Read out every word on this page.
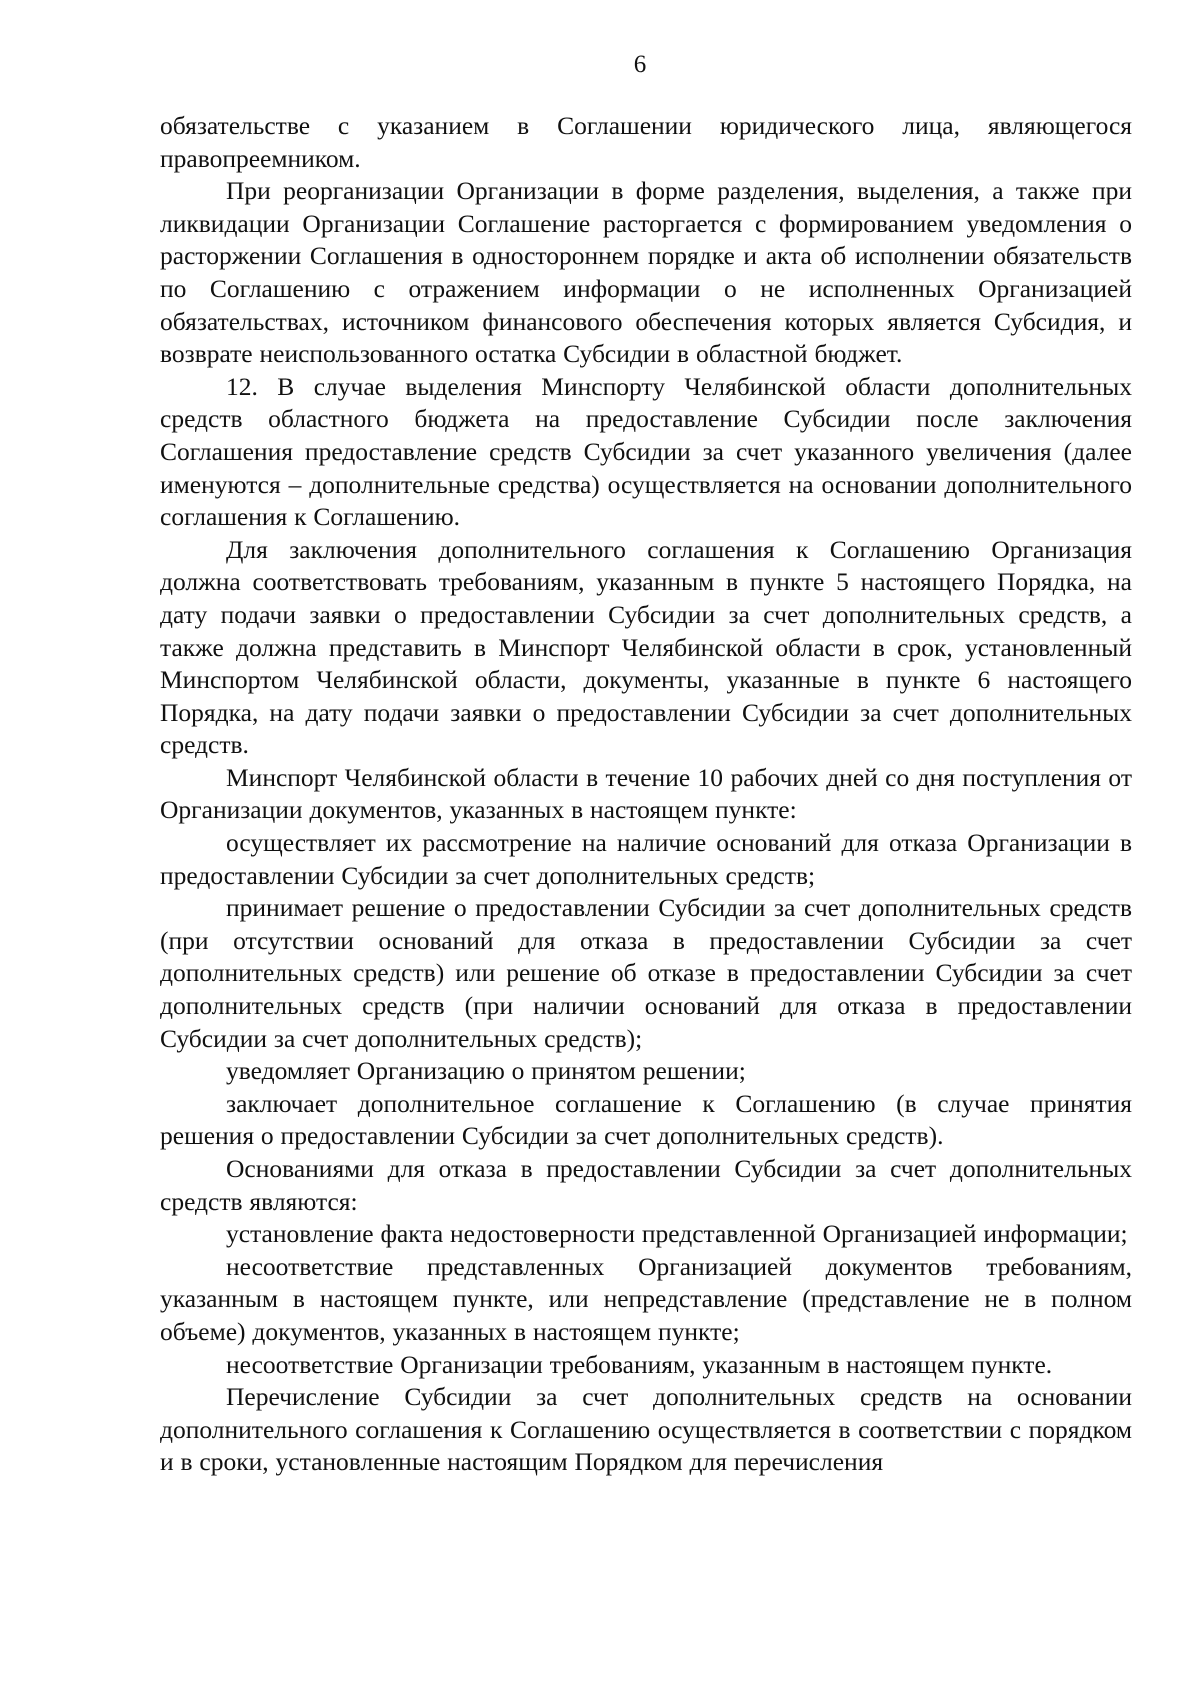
6

обязательстве с указанием в Соглашении юридического лица, являющегося правопреемником.

При реорганизации Организации в форме разделения, выделения, а также при ликвидации Организации Соглашение расторгается с формированием уведомления о расторжении Соглашения в одностороннем порядке и акта об исполнении обязательств по Соглашению с отражением информации о не исполненных Организацией обязательствах, источником финансового обеспечения которых является Субсидия, и возврате неиспользованного остатка Субсидии в областной бюджет.

12. В случае выделения Минспорту Челябинской области дополнительных средств областного бюджета на предоставление Субсидии после заключения Соглашения предоставление средств Субсидии за счет указанного увеличения (далее именуются – дополнительные средства) осуществляется на основании дополнительного соглашения к Соглашению.

Для заключения дополнительного соглашения к Соглашению Организация должна соответствовать требованиям, указанным в пункте 5 настоящего Порядка, на дату подачи заявки о предоставлении Субсидии за счет дополнительных средств, а также должна представить в Минспорт Челябинской области в срок, установленный Минспортом Челябинской области, документы, указанные в пункте 6 настоящего Порядка, на дату подачи заявки о предоставлении Субсидии за счет дополнительных средств.

Минспорт Челябинской области в течение 10 рабочих дней со дня поступления от Организации документов, указанных в настоящем пункте:

осуществляет их рассмотрение на наличие оснований для отказа Организации в предоставлении Субсидии за счет дополнительных средств;

принимает решение о предоставлении Субсидии за счет дополнительных средств (при отсутствии оснований для отказа в предоставлении Субсидии за счет дополнительных средств) или решение об отказе в предоставлении Субсидии за счет дополнительных средств (при наличии оснований для отказа в предоставлении Субсидии за счет дополнительных средств);

уведомляет Организацию о принятом решении;

заключает дополнительное соглашение к Соглашению (в случае принятия решения о предоставлении Субсидии за счет дополнительных средств).

Основаниями для отказа в предоставлении Субсидии за счет дополнительных средств являются:

установление факта недостоверности представленной Организацией информации;

несоответствие представленных Организацией документов требованиям, указанным в настоящем пункте, или непредставление (представление не в полном объеме) документов, указанных в настоящем пункте;

несоответствие Организации требованиям, указанным в настоящем пункте.

Перечисление Субсидии за счет дополнительных средств на основании дополнительного соглашения к Соглашению осуществляется в соответствии с порядком и в сроки, установленные настоящим Порядком для перечисления
